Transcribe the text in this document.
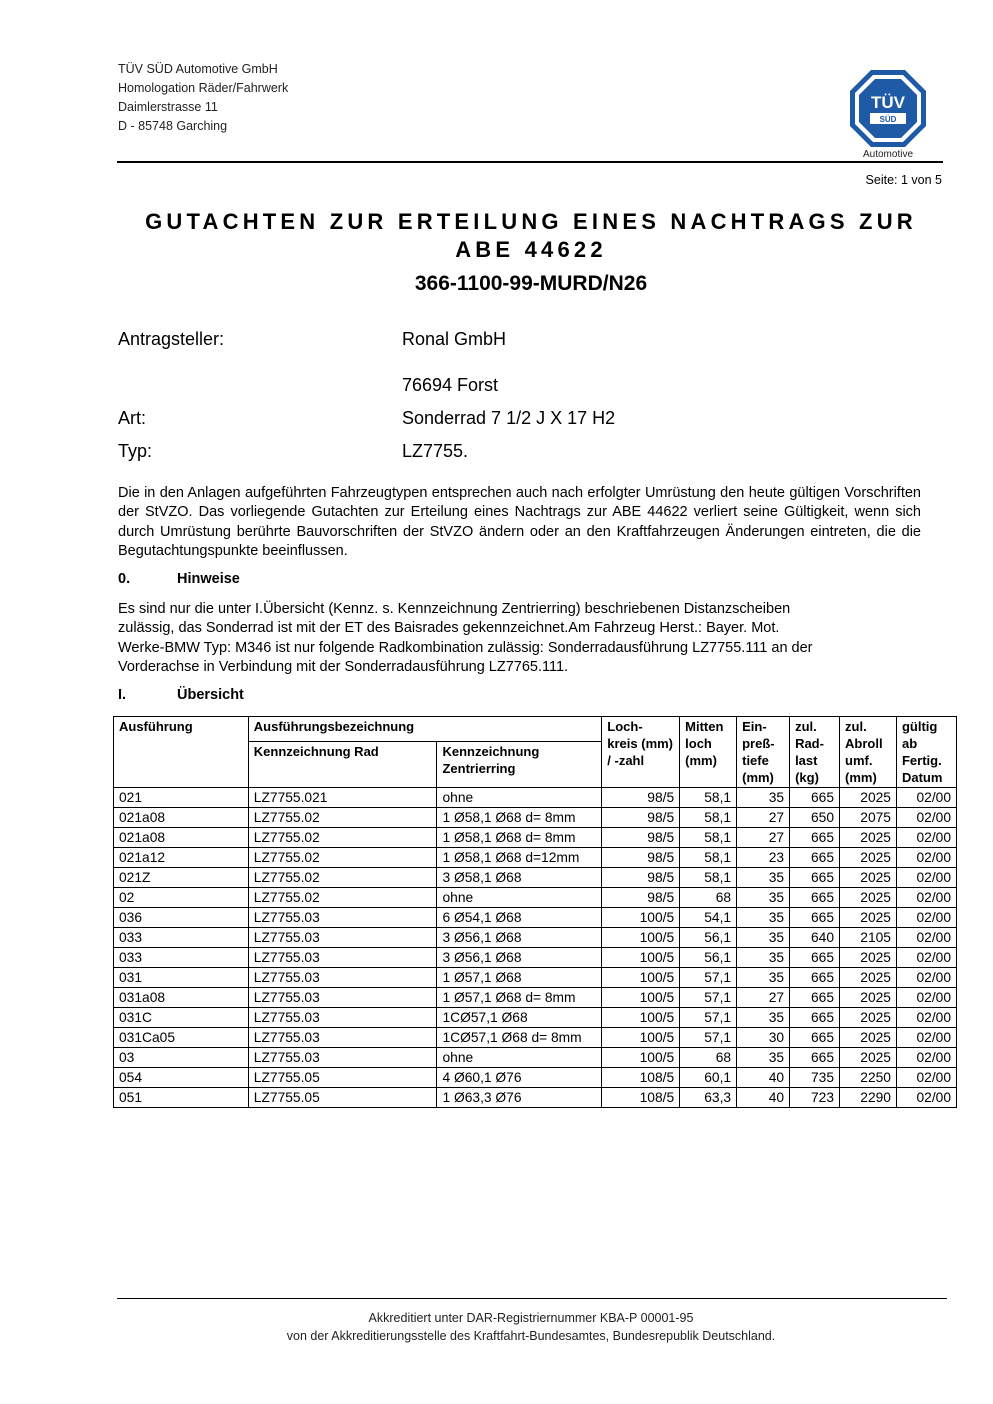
TÜV SÜD Automotive GmbH
Homologation Räder/Fahrwerk
Daimlerstrasse 11
D - 85748 Garching
TÜV
SÜD
Automotive
Seite: 1 von 5
GUTACHTEN ZUR ERTEILUNG EINES NACHTRAGS ZUR
ABE 44622
366-1100-99-MURD/N26
Antragsteller:	Ronal GmbH
76694 Forst
Art:	Sonderrad 7 1/2 J X 17 H2
Typ:	LZ7755.
Die in den Anlagen aufgeführten Fahrzeugtypen entsprechen auch nach erfolgter Umrüstung den heute gültigen Vorschriften der StVZO. Das vorliegende Gutachten zur Erteilung eines Nachtrags zur ABE 44622 verliert seine Gültigkeit, wenn sich durch Umrüstung berührte Bauvorschriften der StVZO ändern oder an den Kraftfahrzeugen Änderungen eintreten, die die Begutachtungspunkte beeinflussen.
0.	Hinweise
Es sind nur die unter I.Übersicht (Kennz. s. Kennzeichnung Zentrierring) beschriebenen Distanzscheiben
zulässig, das Sonderrad ist mit der ET des Baisrades gekennzeichnet.Am Fahrzeug Herst.: Bayer. Mot.
Werke-BMW Typ: M346 ist nur folgende Radkombination zulässig: Sonderradausführung LZ7755.111 an der
Vorderachse in Verbindung mit der Sonderradausführung LZ7765.111.
I.	Übersicht
Ausführung	Ausführungsbezeichnung		Loch- kreis (mm) / -zahl	Mitten loch (mm)	Ein- preß- tiefe (mm)	zul. Rad- last (kg)	zul. Abroll umf. (mm)	gültig ab Fertig. Datum
	Kennzeichnung Rad	Kennzeichnung Zentrierring						
021	LZ7755.021	ohne	98/5	58,1	35	665	2025	02/00
021a08	LZ7755.02	1 Ø58,1 Ø68 d= 8mm	98/5	58,1	27	650	2075	02/00
021a08	LZ7755.02	1 Ø58,1 Ø68 d= 8mm	98/5	58,1	27	665	2025	02/00
021a12	LZ7755.02	1 Ø58,1 Ø68 d=12mm	98/5	58,1	23	665	2025	02/00
021Z	LZ7755.02	3 Ø58,1 Ø68	98/5	58,1	35	665	2025	02/00
02	LZ7755.02	ohne	98/5	68	35	665	2025	02/00
036	LZ7755.03	6 Ø54,1 Ø68	100/5	54,1	35	665	2025	02/00
033	LZ7755.03	3 Ø56,1 Ø68	100/5	56,1	35	640	2105	02/00
033	LZ7755.03	3 Ø56,1 Ø68	100/5	56,1	35	665	2025	02/00
031	LZ7755.03	1 Ø57,1 Ø68	100/5	57,1	35	665	2025	02/00
031a08	LZ7755.03	1 Ø57,1 Ø68 d= 8mm	100/5	57,1	27	665	2025	02/00
031C	LZ7755.03	1CØ57,1 Ø68	100/5	57,1	35	665	2025	02/00
031Ca05	LZ7755.03	1CØ57,1 Ø68 d= 8mm	100/5	57,1	30	665	2025	02/00
03	LZ7755.03	ohne	100/5	68	35	665	2025	02/00
054	LZ7755.05	4 Ø60,1 Ø76	108/5	60,1	40	735	2250	02/00
051	LZ7755.05	1 Ø63,3 Ø76	108/5	63,3	40	723	2290	02/00
Akkreditiert unter DAR-Registriernummer KBA-P 00001-95
von der Akkreditierungsstelle des Kraftfahrt-Bundesamtes, Bundesrepublik Deutschland.
